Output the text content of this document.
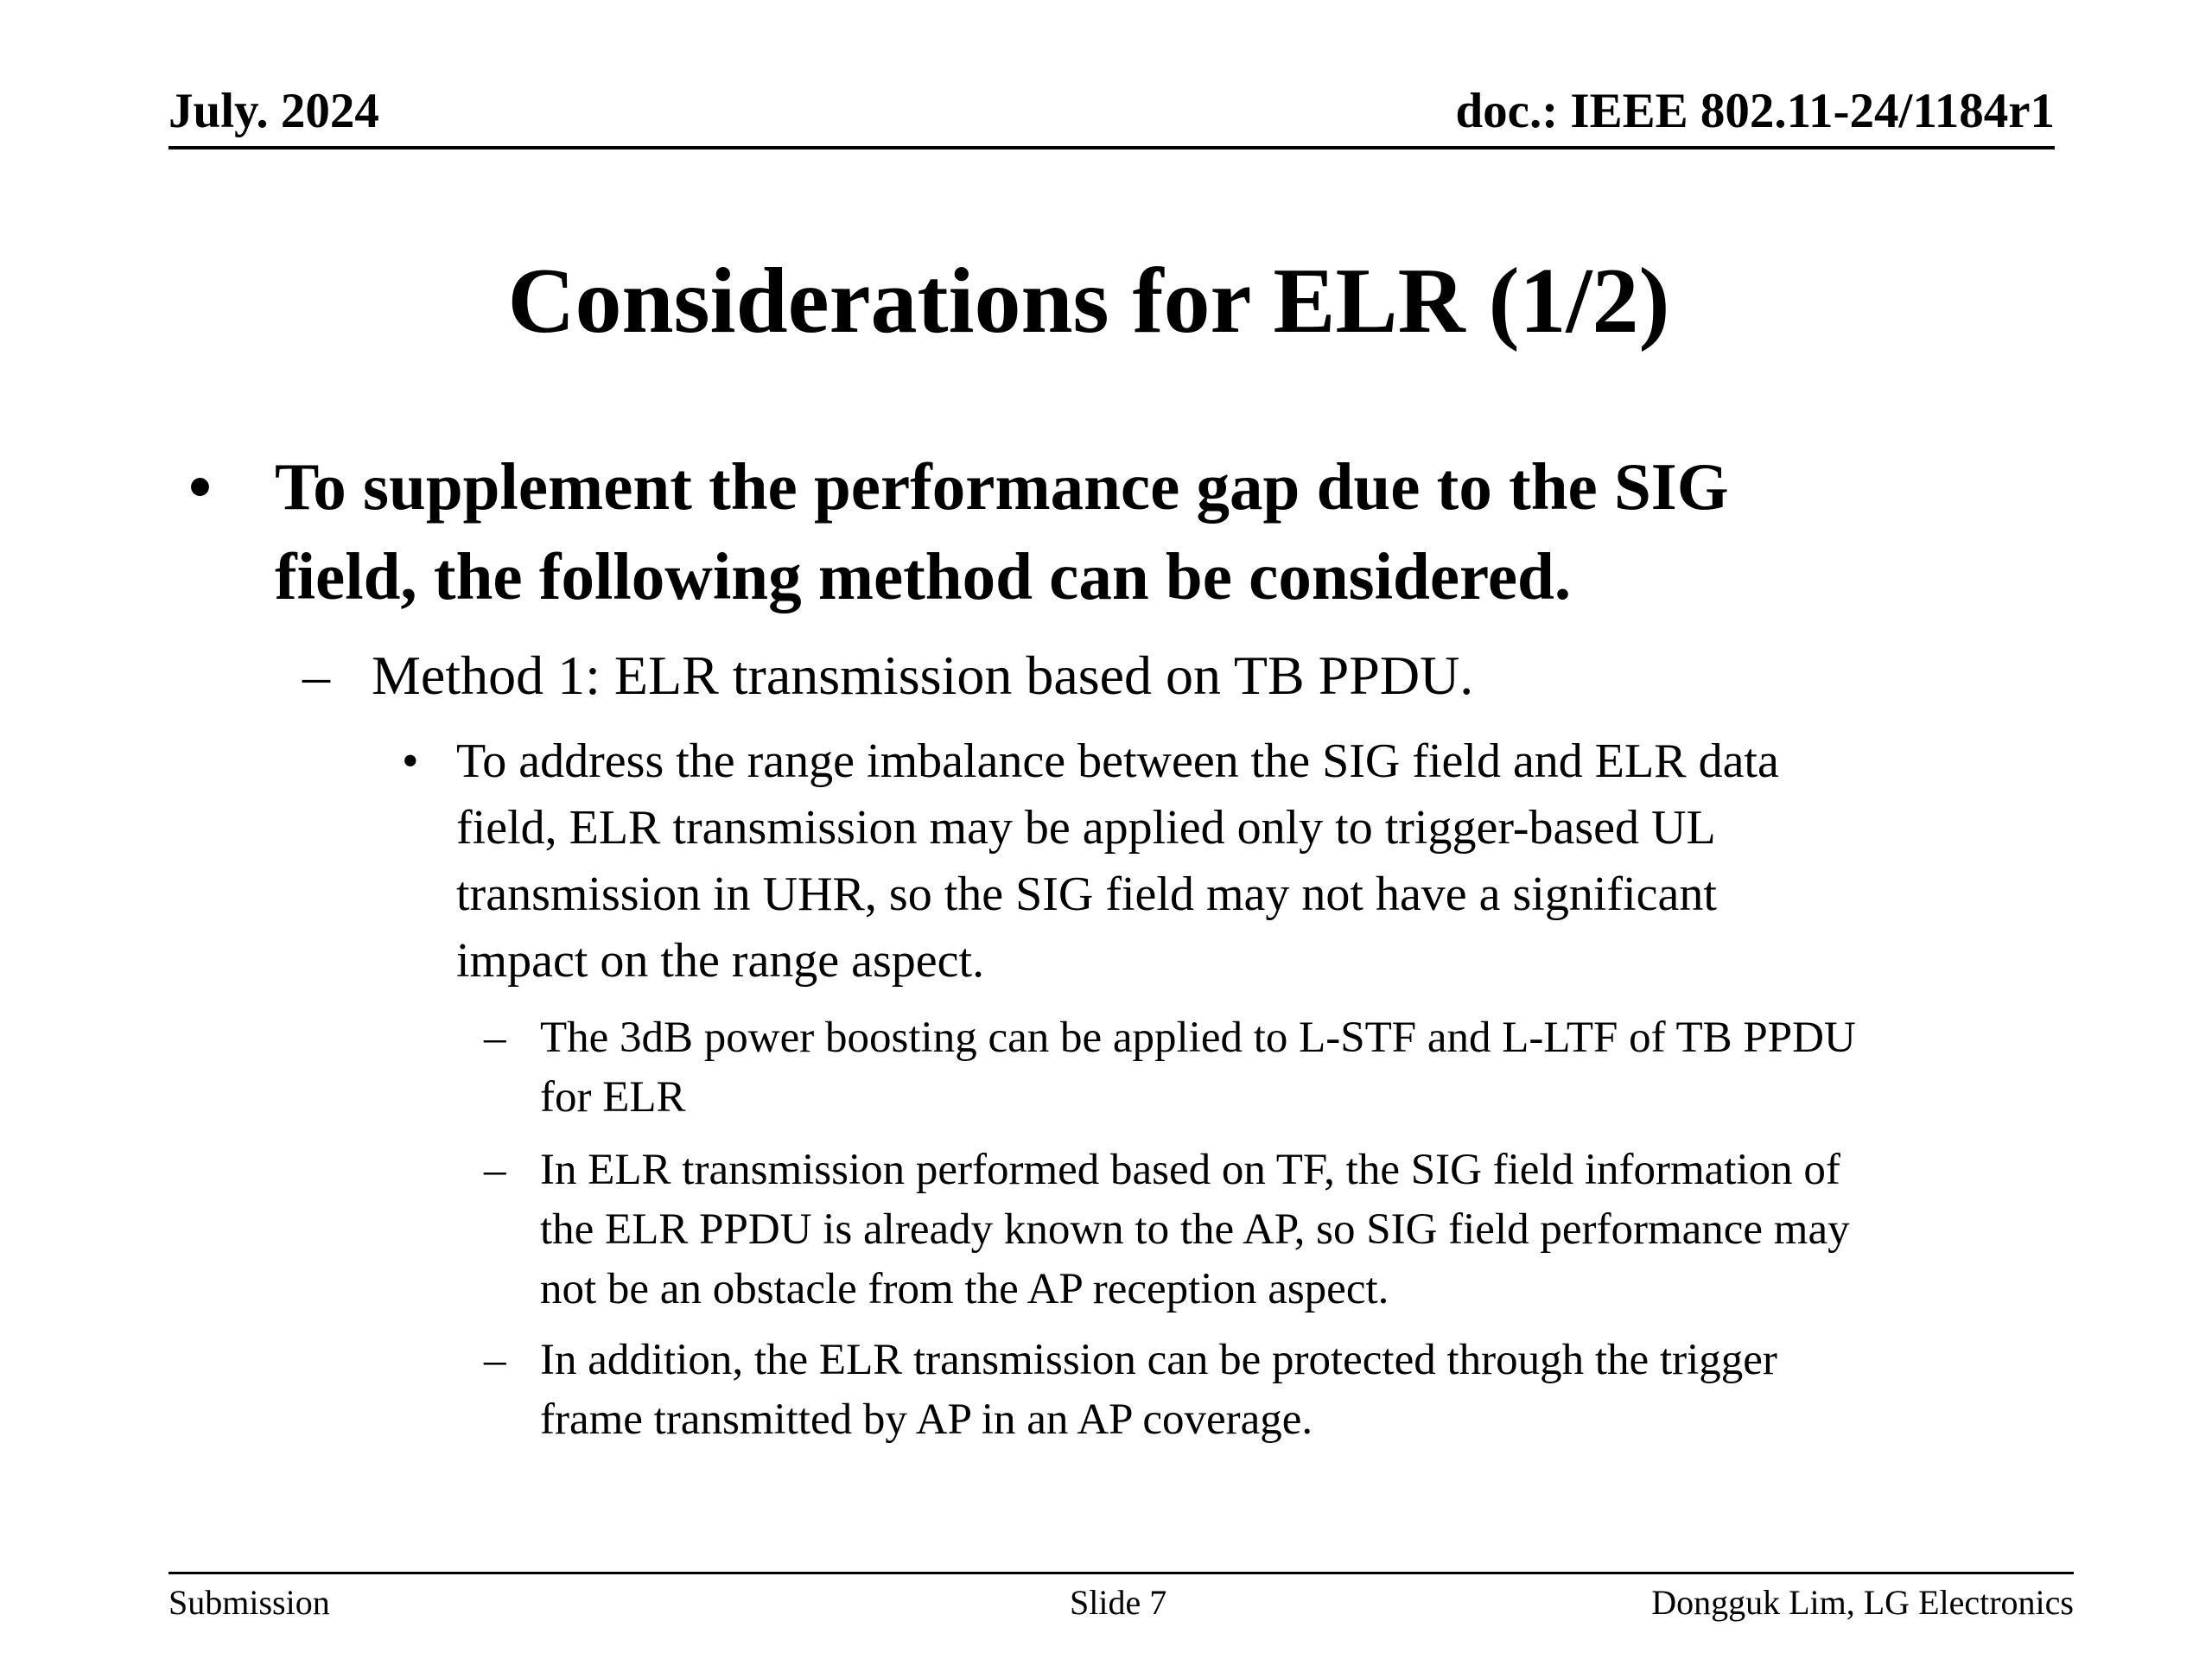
July. 2024	doc.: IEEE 802.11-24/1184r1
Considerations for ELR (1/2)
• To supplement the performance gap due to the SIG
field, the following method can be considered.
– Method 1: ELR transmission based on TB PPDU.
• To address the range imbalance between the SIG field and ELR data
field, ELR transmission may be applied only to trigger-based UL
transmission in UHR, so the SIG field may not have a significant
impact on the range aspect.
– The 3dB power boosting can be applied to L-STF and L-LTF of TB PPDU
for ELR
– In ELR transmission performed based on TF, the SIG field information of
the ELR PPDU is already known to the AP, so SIG field performance may
not be an obstacle from the AP reception aspect.
– In addition, the ELR transmission can be protected through the trigger
frame transmitted by AP in an AP coverage.
Submission	Slide 7	Dongguk Lim, LG Electronics
